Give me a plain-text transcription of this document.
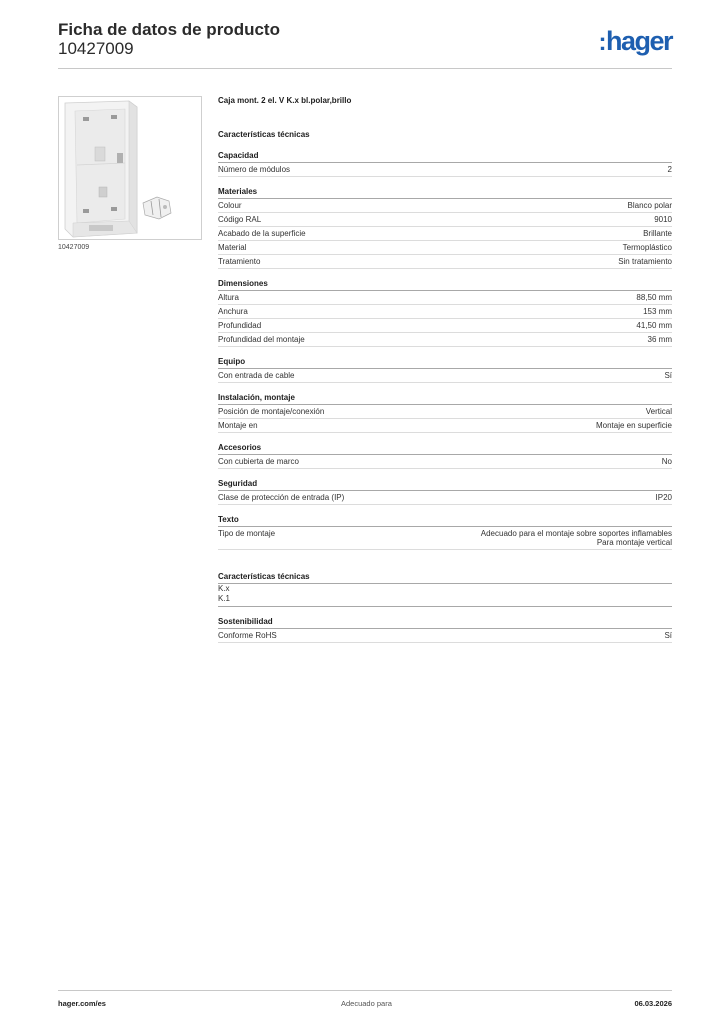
Ficha de datos de producto
10427009	:hager
10427009
Caja mont. 2 el. V K.x bl.polar,brillo
Características técnicas
Capacidad
Número de módulos	2
Materiales
Colour	Blanco polar
Código RAL	9010
Acabado de la superficie	Brillante
Material	Termoplástico
Tratamiento	Sin tratamiento
Dimensiones
Altura	88,50 mm
Anchura	153 mm
Profundidad	41,50 mm
Profundidad del montaje	36 mm
Equipo
Con entrada de cable	Sí
Instalación, montaje
Posición de montaje/conexión	Vertical
Montaje en	Montaje en superficie
Accesorios
Con cubierta de marco	No
Seguridad
Clase de protección de entrada (IP)	IP20
Texto
Tipo de montaje	Adecuado para el montaje sobre soportes inflamables
Para montaje vertical
Características técnicas
K.x
K.1
Sostenibilidad
Conforme RoHS	Sí
hager.com/es	Adecuado para	06.03.2026
